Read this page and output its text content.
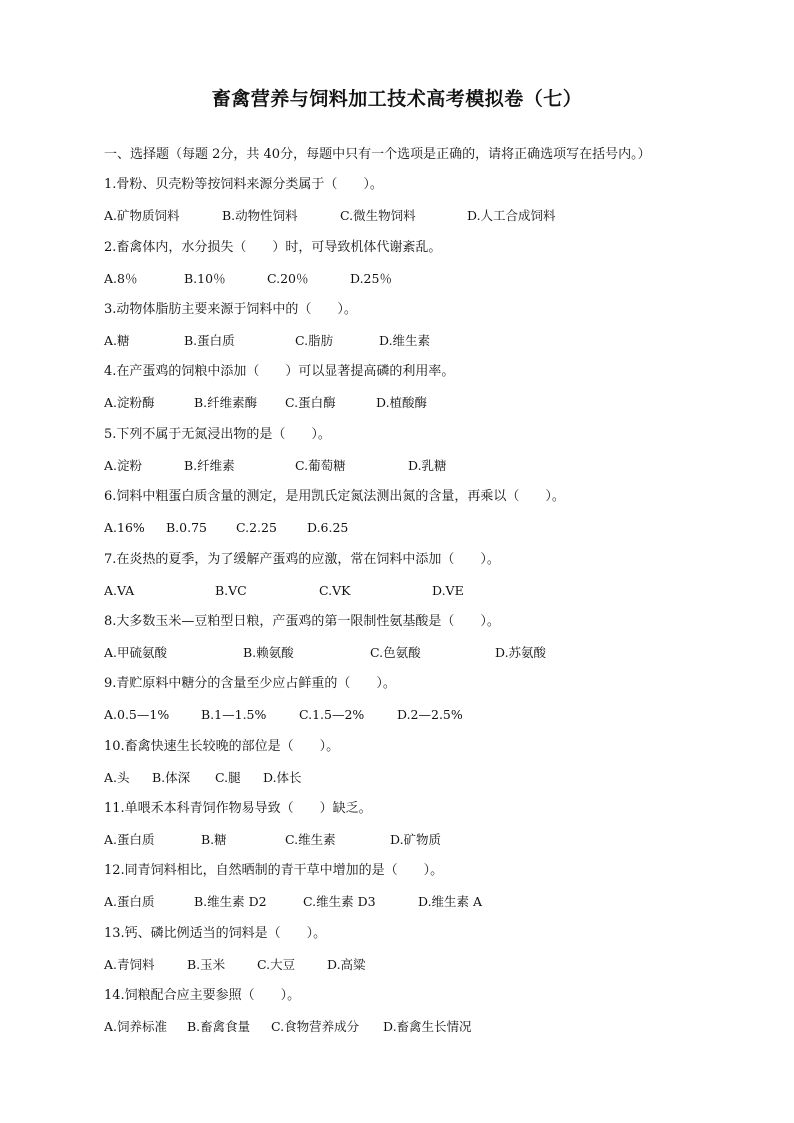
畜禽营养与饲料加工技术高考模拟卷（七）
一、选择题（每题 2分，共 40分，每题中只有一个选项是正确的，请将正确选项写在括号内。）
1.骨粉、贝壳粉等按饲料来源分类属于（　　）。
A.矿物质饲料	B.动物性饲料	C.微生物饲料	D.人工合成饲料
2.畜禽体内，水分损失（　　）时，可导致机体代谢紊乱。
A.8％	B.10％	C.20％	D.25％
3.动物体脂肪主要来源于饲料中的（　　）。
A.糖	B.蛋白质	C.脂肪	D.维生素
4.在产蛋鸡的饲粮中添加（　　）可以显著提高磷的利用率。
A.淀粉酶	B.纤维素酶 C.蛋白酶	D.植酸酶
5.下列不属于无氮浸出物的是（　　）。
A.淀粉	B.纤维素	C.葡萄糖	D.乳糖
6.饲料中粗蛋白质含量的测定，是用凯氏定氮法测出氮的含量，再乘以（　　）。
A.16% B.0.75 C.2.25 D.6.25
7.在炎热的夏季，为了缓解产蛋鸡的应激，常在饲料中添加（　　）。
A.VA	B.VC	C.VK	D.VE
8.大多数玉米—豆粕型日粮，产蛋鸡的第一限制性氨基酸是（　　）。
A.甲硫氨酸	B.赖氨酸	C.色氨酸	D.苏氨酸
9.青贮原料中糖分的含量至少应占鲜重的（　　）。
A.0.5—1%	B.1—1.5%	C.1.5—2%	D.2—2.5%
10.畜禽快速生长较晚的部位是（　　）。
A.头 B.体深 C.腿 D.体长
11.单喂禾本科青饲作物易导致（　　）缺乏。
A.蛋白质	B.糖	C.维生素	D.矿物质
12.同青饲料相比，自然晒制的青干草中增加的是（　　）。
A.蛋白质	B.维生素 D2	C.维生素 D3	D.维生素 A
13.钙、磷比例适当的饲料是（　　）。
A.青饲料	B.玉米	C.大豆	D.高粱
14.饲粮配合应主要参照（　　）。
A.饲养标准 B.畜禽食量 C.食物营养成分 D.畜禽生长情况
